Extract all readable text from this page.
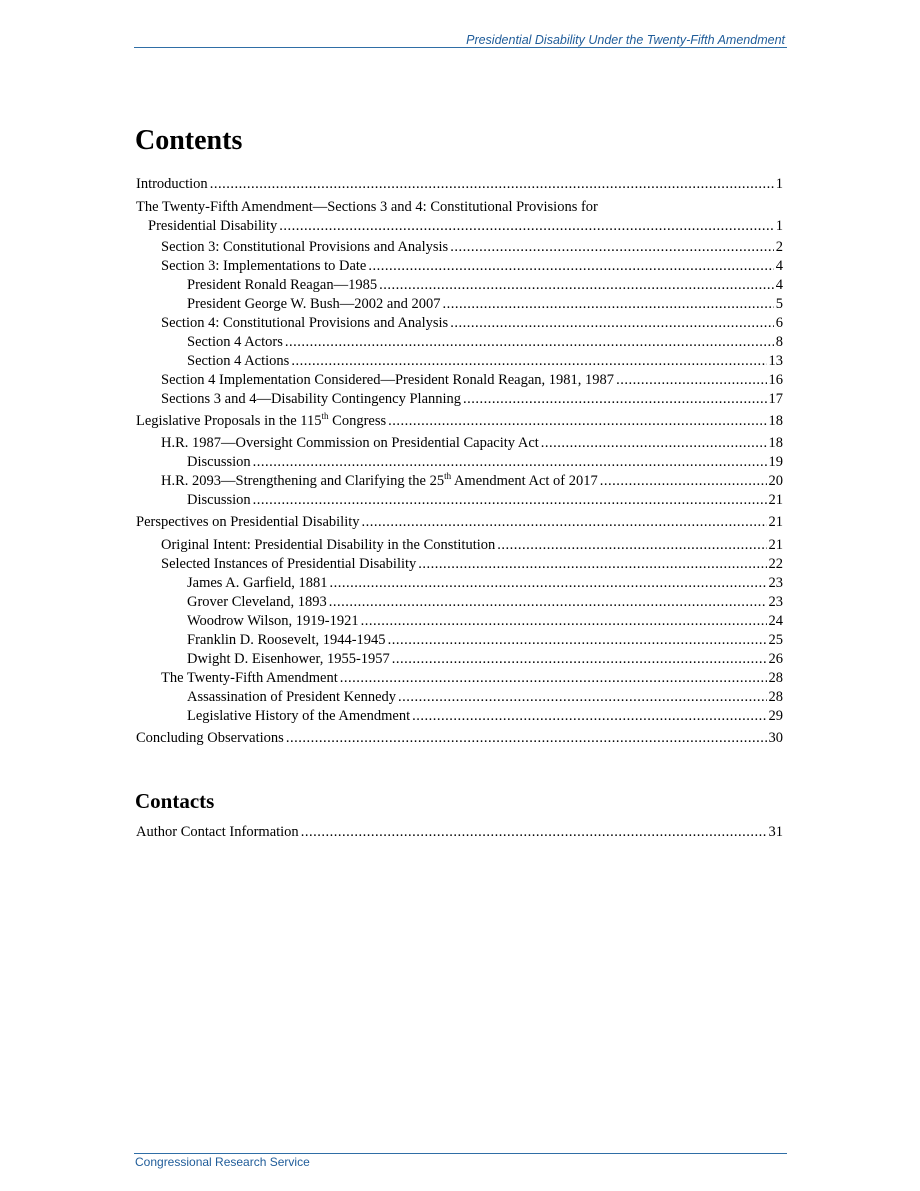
Presidential Disability Under the Twenty-Fifth Amendment
Contents
Introduction .....	1
The Twenty-Fifth Amendment—Sections 3 and 4: Constitutional Provisions for
Presidential Disability .....	1
Section 3: Constitutional Provisions and Analysis .....	2
Section 3: Implementations to Date .....	4
President Ronald Reagan—1985 .....	4
President George W. Bush—2002 and 2007 .....	5
Section 4: Constitutional Provisions and Analysis .....	6
Section 4 Actors .....	8
Section 4 Actions .....	13
Section 4 Implementation Considered—President Ronald Reagan, 1981, 1987 .....	16
Sections 3 and 4—Disability Contingency Planning .....	17
Legislative Proposals in the 115th Congress .....	18
H.R. 1987—Oversight Commission on Presidential Capacity Act .....	18
Discussion .....	19
H.R. 2093—Strengthening and Clarifying the 25th Amendment Act of 2017 .....	20
Discussion .....	21
Perspectives on Presidential Disability .....	21
Original Intent: Presidential Disability in the Constitution .....	21
Selected Instances of Presidential Disability .....	22
James A. Garfield, 1881 .....	23
Grover Cleveland, 1893 .....	23
Woodrow Wilson, 1919-1921 .....	24
Franklin D. Roosevelt, 1944-1945 .....	25
Dwight D. Eisenhower, 1955-1957 .....	26
The Twenty-Fifth Amendment .....	28
Assassination of President Kennedy .....	28
Legislative History of the Amendment .....	29
Concluding Observations .....	30
Contacts
Author Contact Information .....	31
Congressional Research Service
